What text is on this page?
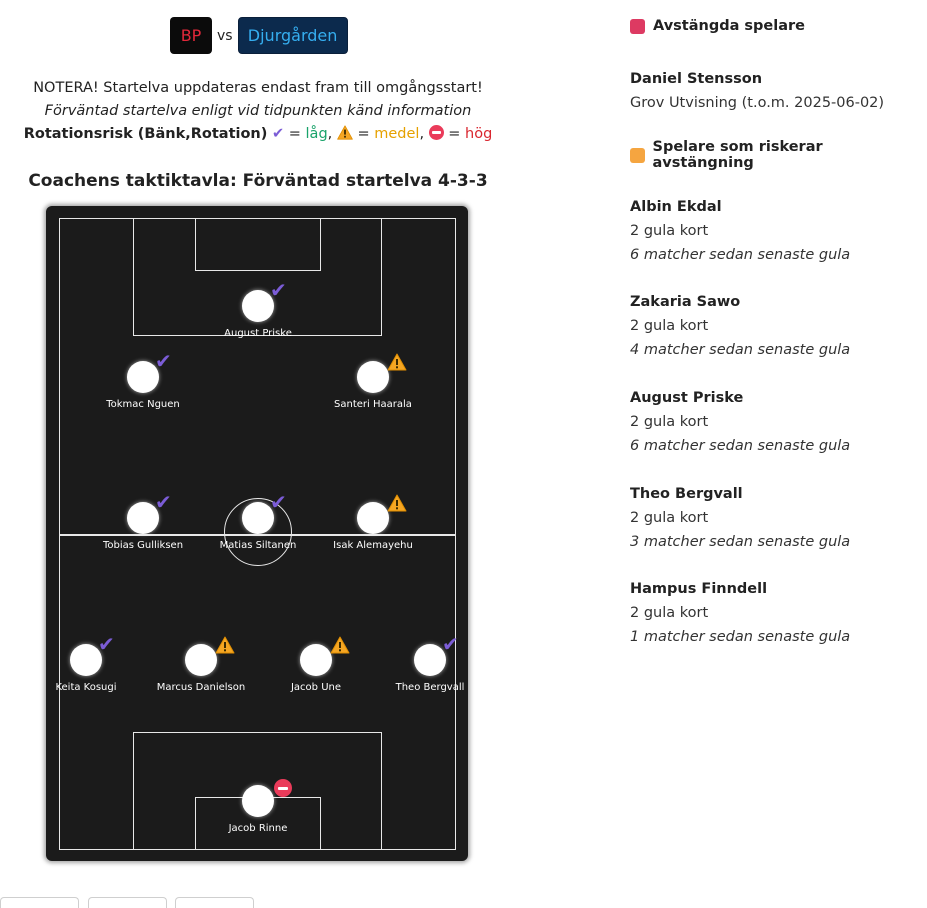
BP	vs Djurgården
NOTERA! Startelva uppdateras endast fram till omgångsstart!
Förväntad startelva enligt vid tidpunkten känd information
Rotationsrisk (Bänk,Rotation) ✔ = låg, = medel, = hög
Coachens taktiktavla: Förväntad startelva 4-3-3
✔
August Priske
✔
Tokmac Nguen	Santeri Haarala
✔
Tobias Gulliksen
✔
Matias Siltanen	Isak Alemayehu
✔
Keita Kosugi	Marcus Danielson	Jacob Une
✔
Theo Bergvall
Jacob Rinne
Avstängda spelare
Daniel Stensson
Grov Utvisning (t.o.m. 2025-06-02)
Spelare som riskerar avstängning
Albin Ekdal
2 gula kort
6 matcher sedan senaste gula
Zakaria Sawo
2 gula kort
4 matcher sedan senaste gula
August Priske
2 gula kort
6 matcher sedan senaste gula
Theo Bergvall
2 gula kort
3 matcher sedan senaste gula
Hampus Finndell
2 gula kort
1 matcher sedan senaste gula
